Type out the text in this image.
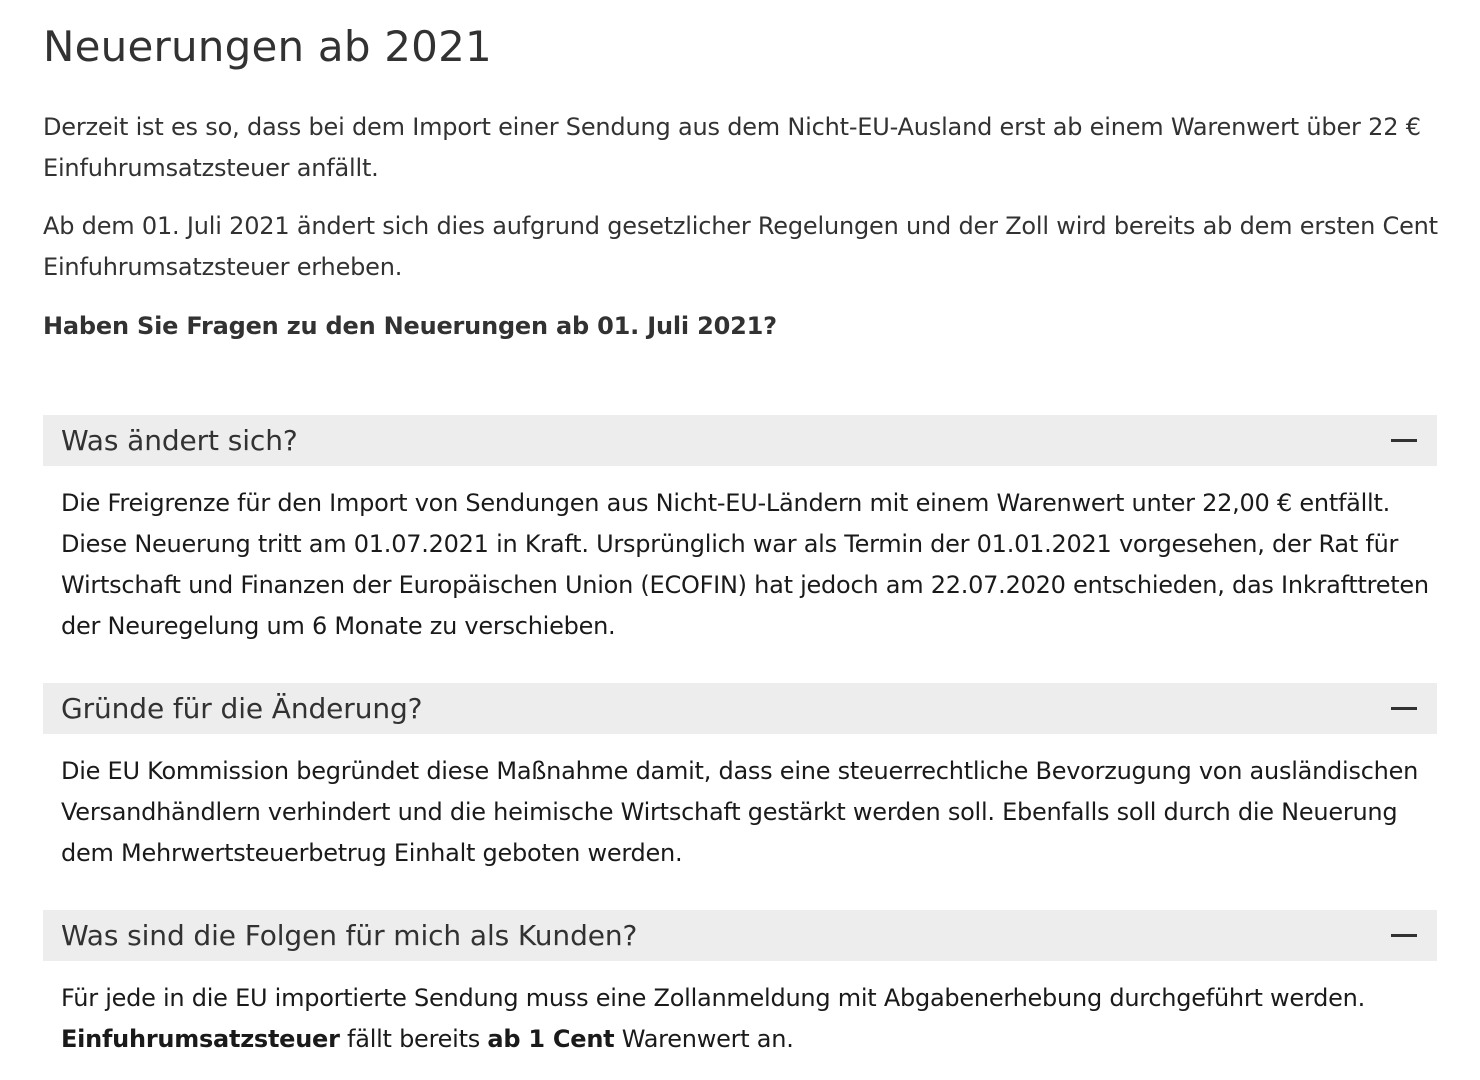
Neuerungen ab 2021

Derzeit ist es so, dass bei dem Import einer Sendung aus dem Nicht-EU-Ausland erst ab einem Warenwert über 22 € Einfuhrumsatzsteuer anfällt.

Ab dem 01. Juli 2021 ändert sich dies aufgrund gesetzlicher Regelungen und der Zoll wird bereits ab dem ersten Cent Einfuhrumsatzsteuer erheben.

Haben Sie Fragen zu den Neuerungen ab 01. Juli 2021?

Was ändert sich?

Die Freigrenze für den Import von Sendungen aus Nicht-EU-Ländern mit einem Warenwert unter 22,00 € entfällt. Diese Neuerung tritt am 01.07.2021 in Kraft. Ursprünglich war als Termin der 01.01.2021 vorgesehen, der Rat für Wirtschaft und Finanzen der Europäischen Union (ECOFIN) hat jedoch am 22.07.2020 entschieden, das Inkrafttreten der Neuregelung um 6 Monate zu verschieben.

Gründe für die Änderung?

Die EU Kommission begründet diese Maßnahme damit, dass eine steuerrechtliche Bevorzugung von ausländischen Versandhändlern verhindert und die heimische Wirtschaft gestärkt werden soll. Ebenfalls soll durch die Neuerung dem Mehrwertsteuerbetrug Einhalt geboten werden.

Was sind die Folgen für mich als Kunden?

Für jede in die EU importierte Sendung muss eine Zollanmeldung mit Abgabenerhebung durchgeführt werden. Einfuhrumsatzsteuer fällt bereits ab 1 Cent Warenwert an.
